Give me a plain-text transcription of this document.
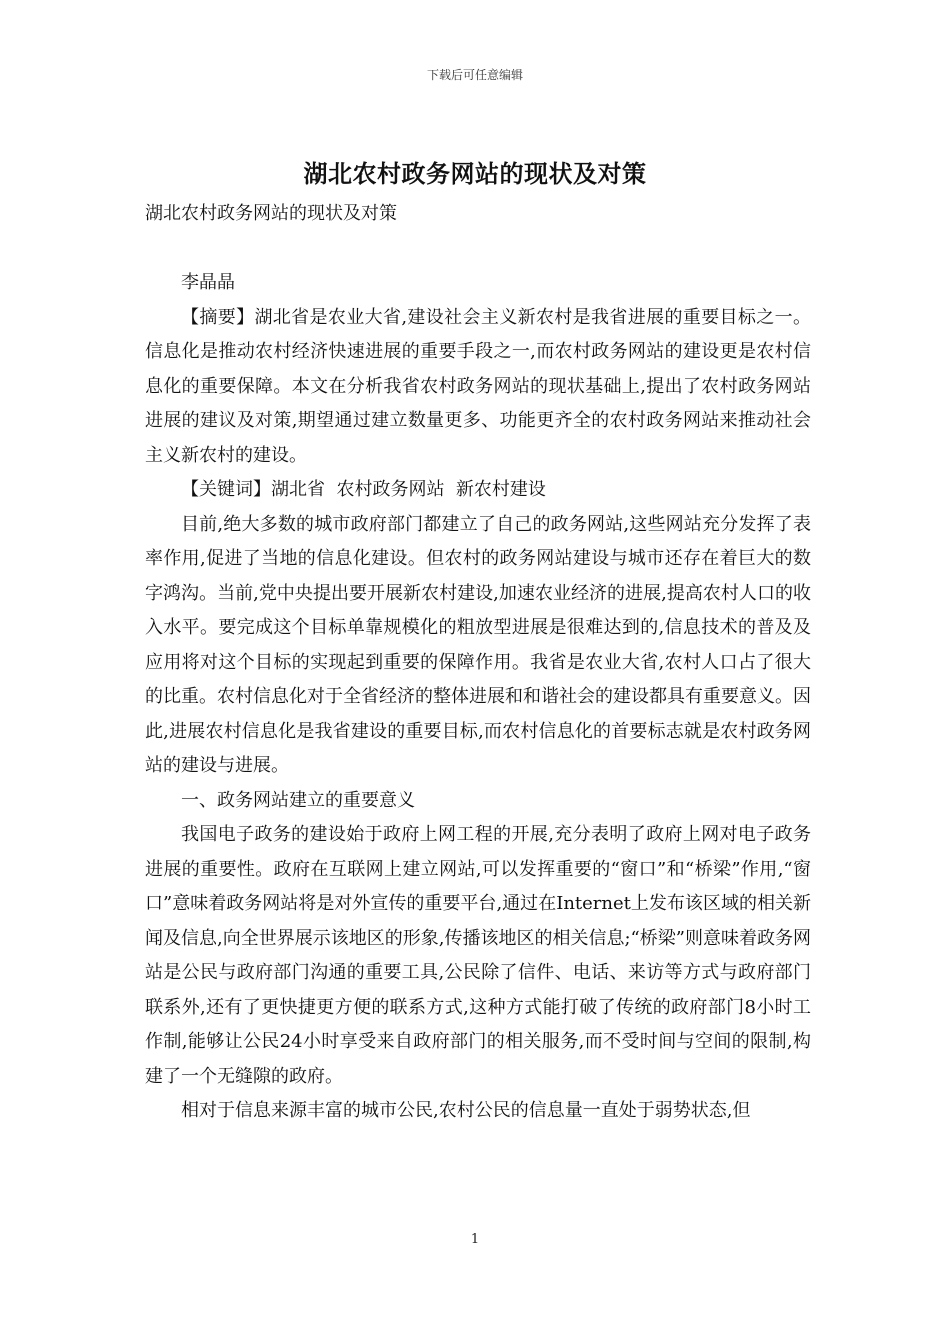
下载后可任意编辑
湖北农村政务网站的现状及对策

湖北农村政务网站的现状及对策

李晶晶

【摘要】湖北省是农业大省,建设社会主义新农村是我省进展的重要目标之一。信息化是推动农村经济快速进展的重要手段之一,而农村政务网站的建设更是农村信息化的重要保障。本文在分析我省农村政务网站的现状基础上,提出了农村政务网站进展的建议及对策,期望通过建立数量更多、功能更齐全的农村政务网站来推动社会主义新农村的建设。

【关键词】湖北省  农村政务网站  新农村建设

目前,绝大多数的城市政府部门都建立了自己的政务网站,这些网站充分发挥了表率作用,促进了当地的信息化建设。但农村的政务网站建设与城市还存在着巨大的数字鸿沟。当前,党中央提出要开展新农村建设,加速农业经济的进展,提高农村人口的收入水平。要完成这个目标单靠规模化的粗放型进展是很难达到的,信息技术的普及及应用将对这个目标的实现起到重要的保障作用。我省是农业大省,农村人口占了很大的比重。农村信息化对于全省经济的整体进展和和谐社会的建设都具有重要意义。因此,进展农村信息化是我省建设的重要目标,而农村信息化的首要标志就是农村政务网站的建设与进展。

一、政务网站建立的重要意义

我国电子政务的建设始于政府上网工程的开展,充分表明了政府上网对电子政务进展的重要性。政府在互联网上建立网站,可以发挥重要的“窗口”和“桥梁”作用,“窗口”意味着政务网站将是对外宣传的重要平台,通过在Internet上发布该区域的相关新闻及信息,向全世界展示该地区的形象,传播该地区的相关信息;“桥梁”则意味着政务网站是公民与政府部门沟通的重要工具,公民除了信件、电话、来访等方式与政府部门联系外,还有了更快捷更方便的联系方式,这种方式能打破了传统的政府部门8小时工作制,能够让公民24小时享受来自政府部门的相关服务,而不受时间与空间的限制,构建了一个无缝隙的政府。

相对于信息来源丰富的城市公民,农村公民的信息量一直处于弱势状态,但

1
